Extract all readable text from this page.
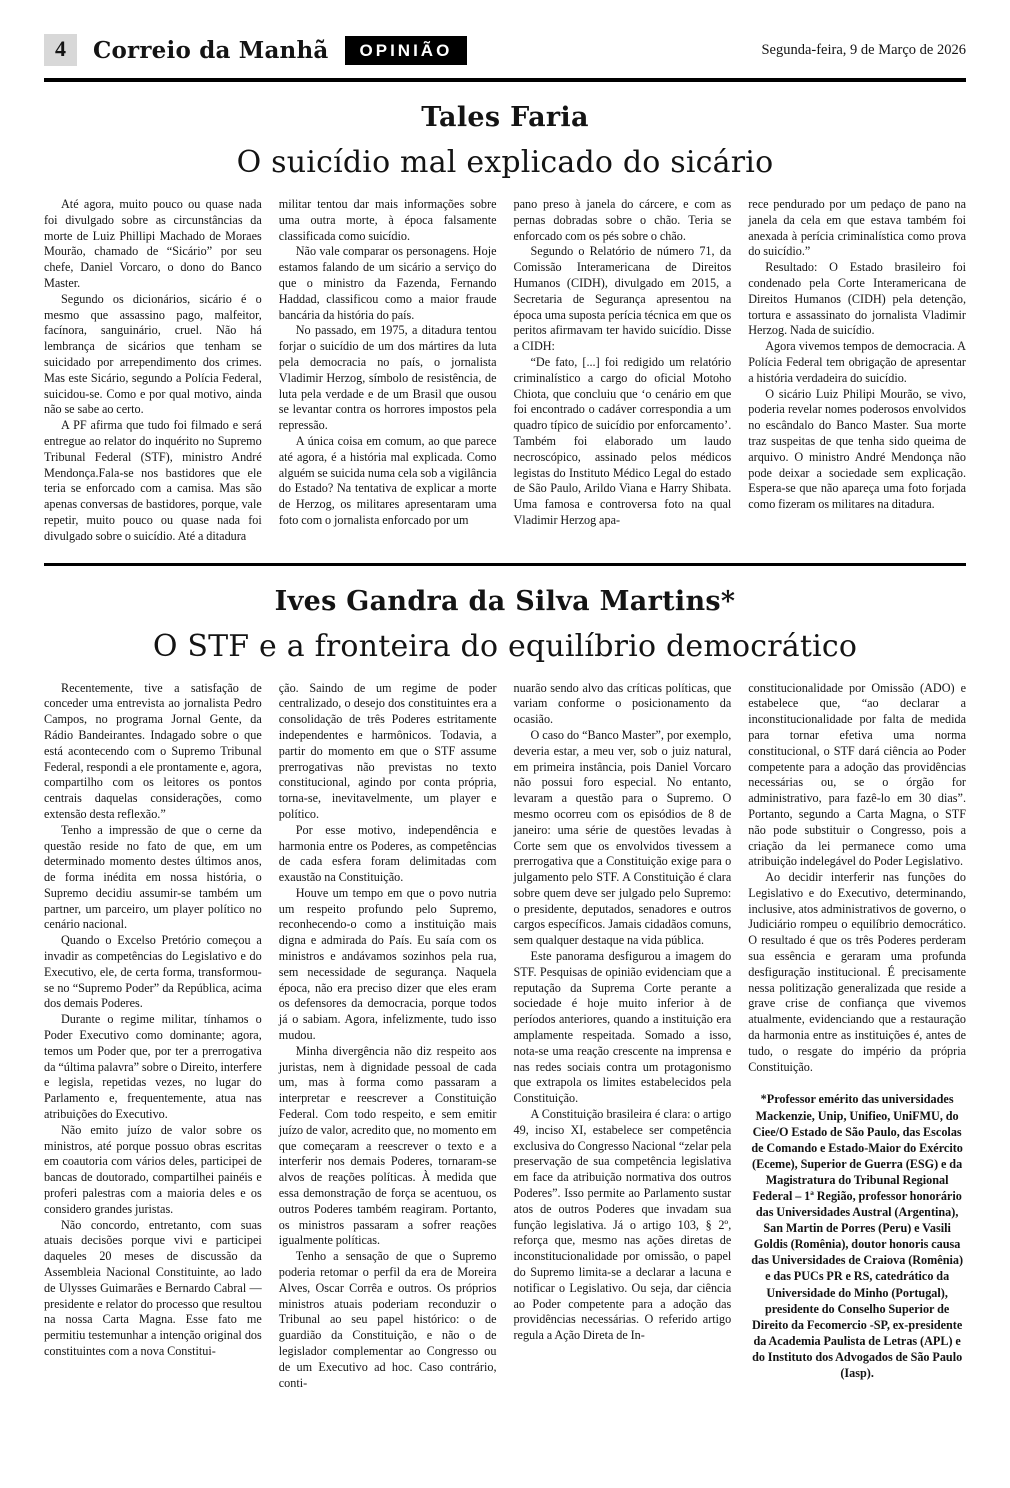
4	Correio da Manhã	OPINIÃO	Segunda-feira, 9 de Março de 2026
Tales Faria
O suicídio mal explicado do sicário

Até agora, muito pouco ou quase nada foi divulgado sobre as circunstâncias da morte de Luiz Phillipi Machado de Moraes Mourão, chamado de “Sicário” por seu chefe, Daniel Vorcaro, o dono do Banco Master.

Segundo os dicionários, sicário é o mesmo que assassino pago, malfeitor, facínora, sanguinário, cruel. Não há lembrança de sicários que tenham se suicidado por arrependimento dos crimes. Mas este Sicário, segundo a Polícia Federal, suicidou-se. Como e por qual motivo, ainda não se sabe ao certo.

A PF afirma que tudo foi filmado e será entregue ao relator do inquérito no Supremo Tribunal Federal (STF), ministro André Mendonça.Fala-se nos bastidores que ele teria se enforcado com a camisa. Mas são apenas conversas de bastidores, porque, vale repetir, muito pouco ou quase nada foi divulgado sobre o suicídio. Até a ditadura

militar tentou dar mais informações sobre uma outra morte, à época falsamente classificada como suicídio.

Não vale comparar os personagens. Hoje estamos falando de um sicário a serviço do que o ministro da Fazenda, Fernando Haddad, classificou como a maior fraude bancária da história do país.

No passado, em 1975, a ditadura tentou forjar o suicídio de um dos mártires da luta pela democracia no país, o jornalista Vladimir Herzog, símbolo de resistência, de luta pela verdade e de um Brasil que ousou se levantar contra os horrores impostos pela repressão.

A única coisa em comum, ao que parece até agora, é a história mal explicada. Como alguém se suicida numa cela sob a vigilância do Estado? Na tentativa de explicar a morte de Herzog, os militares apresentaram uma foto com o jornalista enforcado por um

pano preso à janela do cárcere, e com as pernas dobradas sobre o chão. Teria se enforcado com os pés sobre o chão.

Segundo o Relatório de número 71, da Comissão Interamericana de Direitos Humanos (CIDH), divulgado em 2015, a Secretaria de Segurança apresentou na época uma suposta perícia técnica em que os peritos afirmavam ter havido suicídio. Disse a CIDH:

“De fato, [...] foi redigido um relatório criminalístico a cargo do oficial Motoho Chiota, que concluiu que ‘o cenário em que foi encontrado o cadáver correspondia a um quadro típico de suicídio por enforcamento’. Também foi elaborado um laudo necroscópico, assinado pelos médicos legistas do Instituto Médico Legal do estado de São Paulo, Arildo Viana e Harry Shibata. Uma famosa e controversa foto na qual Vladimir Herzog apa-

rece pendurado por um pedaço de pano na janela da cela em que estava também foi anexada à perícia criminalística como prova do suicídio.”

Resultado: O Estado brasileiro foi condenado pela Corte Interamericana de Direitos Humanos (CIDH) pela detenção, tortura e assassinato do jornalista Vladimir Herzog. Nada de suicídio.

Agora vivemos tempos de democracia. A Polícia Federal tem obrigação de apresentar a história verdadeira do suicídio.

O sicário Luiz Philipi Mourão, se vivo, poderia revelar nomes poderosos envolvidos no escândalo do Banco Master. Sua morte traz suspeitas de que tenha sido queima de arquivo. O ministro André Mendonça não pode deixar a sociedade sem explicação. Espera-se que não apareça uma foto forjada como fizeram os militares na ditadura.

Ives Gandra da Silva Martins*
O STF e a fronteira do equilíbrio democrático

Recentemente, tive a satisfação de conceder uma entrevista ao jornalista Pedro Campos, no programa Jornal Gente, da Rádio Bandeirantes. Indagado sobre o que está acontecendo com o Supremo Tribunal Federal, respondi a ele prontamente e, agora, compartilho com os leitores os pontos centrais daquelas considerações, como extensão desta reflexão.”

Tenho a impressão de que o cerne da questão reside no fato de que, em um determinado momento destes últimos anos, de forma inédita em nossa história, o Supremo decidiu assumir-se também um partner, um parceiro, um player político no cenário nacional.

Quando o Excelso Pretório começou a invadir as competências do Legislativo e do Executivo, ele, de certa forma, transformou-se no “Supremo Poder” da República, acima dos demais Poderes.

Durante o regime militar, tínhamos o Poder Executivo como dominante; agora, temos um Poder que, por ter a prerrogativa da “última palavra” sobre o Direito, interfere e legisla, repetidas vezes, no lugar do Parlamento e, frequentemente, atua nas atribuições do Executivo.

Não emito juízo de valor sobre os ministros, até porque possuo obras escritas em coautoria com vários deles, participei de bancas de doutorado, compartilhei painéis e proferi palestras com a maioria deles e os considero grandes juristas.

Não concordo, entretanto, com suas atuais decisões porque vivi e participei daqueles 20 meses de discussão da Assembleia Nacional Constituinte, ao lado de Ulysses Guimarães e Bernardo Cabral — presidente e relator do processo que resultou na nossa Carta Magna. Esse fato me permitiu testemunhar a intenção original dos constituintes com a nova Constitui-

ção. Saindo de um regime de poder centralizado, o desejo dos constituintes era a consolidação de três Poderes estritamente independentes e harmônicos. Todavia, a partir do momento em que o STF assume prerrogativas não previstas no texto constitucional, agindo por conta própria, torna-se, inevitavelmente, um player e político.

Por esse motivo, independência e harmonia entre os Poderes, as competências de cada esfera foram delimitadas com exaustão na Constituição.

Houve um tempo em que o povo nutria um respeito profundo pelo Supremo, reconhecendo-o como a instituição mais digna e admirada do País. Eu saía com os ministros e andávamos sozinhos pela rua, sem necessidade de segurança. Naquela época, não era preciso dizer que eles eram os defensores da democracia, porque todos já o sabiam. Agora, infelizmente, tudo isso mudou.

Minha divergência não diz respeito aos juristas, nem à dignidade pessoal de cada um, mas à forma como passaram a interpretar e reescrever a Constituição Federal. Com todo respeito, e sem emitir juízo de valor, acredito que, no momento em que começaram a reescrever o texto e a interferir nos demais Poderes, tornaram-se alvos de reações políticas. À medida que essa demonstração de força se acentuou, os outros Poderes também reagiram. Portanto, os ministros passaram a sofrer reações igualmente políticas.

Tenho a sensação de que o Supremo poderia retomar o perfil da era de Moreira Alves, Oscar Corrêa e outros. Os próprios ministros atuais poderiam reconduzir o Tribunal ao seu papel histórico: o de guardião da Constituição, e não o de legislador complementar ao Congresso ou de um Executivo ad hoc. Caso contrário, conti-

nuarão sendo alvo das críticas políticas, que variam conforme o posicionamento da ocasião.

O caso do “Banco Master”, por exemplo, deveria estar, a meu ver, sob o juiz natural, em primeira instância, pois Daniel Vorcaro não possui foro especial. No entanto, levaram a questão para o Supremo. O mesmo ocorreu com os episódios de 8 de janeiro: uma série de questões levadas à Corte sem que os envolvidos tivessem a prerrogativa que a Constituição exige para o julgamento pelo STF. A Constituição é clara sobre quem deve ser julgado pelo Supremo: o presidente, deputados, senadores e outros cargos específicos. Jamais cidadãos comuns, sem qualquer destaque na vida pública.

Este panorama desfigurou a imagem do STF. Pesquisas de opinião evidenciam que a reputação da Suprema Corte perante a sociedade é hoje muito inferior à de períodos anteriores, quando a instituição era amplamente respeitada. Somado a isso, nota-se uma reação crescente na imprensa e nas redes sociais contra um protagonismo que extrapola os limites estabelecidos pela Constituição.

A Constituição brasileira é clara: o artigo 49, inciso XI, estabelece ser competência exclusiva do Congresso Nacional “zelar pela preservação de sua competência legislativa em face da atribuição normativa dos outros Poderes”. Isso permite ao Parlamento sustar atos de outros Poderes que invadam sua função legislativa. Já o artigo 103, § 2º, reforça que, mesmo nas ações diretas de inconstitucionalidade por omissão, o papel do Supremo limita-se a declarar a lacuna e notificar o Legislativo. Ou seja, dar ciência ao Poder competente para a adoção das providências necessárias. O referido artigo regula a Ação Direta de In-

constitucionalidade por Omissão (ADO) e estabelece que, “ao declarar a inconstitucionalidade por falta de medida para tornar efetiva uma norma constitucional, o STF dará ciência ao Poder competente para a adoção das providências necessárias ou, se o órgão for administrativo, para fazê-lo em 30 dias”. Portanto, segundo a Carta Magna, o STF não pode substituir o Congresso, pois a criação da lei permanece como uma atribuição indelegável do Poder Legislativo.

Ao decidir interferir nas funções do Legislativo e do Executivo, determinando, inclusive, atos administrativos de governo, o Judiciário rompeu o equilíbrio democrático. O resultado é que os três Poderes perderam sua essência e geraram uma profunda desfiguração institucional. É precisamente nessa politização generalizada que reside a grave crise de confiança que vivemos atualmente, evidenciando que a restauração da harmonia entre as instituições é, antes de tudo, o resgate do império da própria Constituição.

*Professor emérito das universidades Mackenzie, Unip, Unifieo, UniFMU, do Ciee/O Estado de São Paulo, das Escolas de Comando e Estado-Maior do Exército (Eceme), Superior de Guerra (ESG) e da Magistratura do Tribunal Regional Federal – 1ª Região, professor honorário das Universidades Austral (Argentina), San Martin de Porres (Peru) e Vasili Goldis (Romênia), doutor honoris causa das Universidades de Craiova (Romênia) e das PUCs PR e RS, catedrático da Universidade do Minho (Portugal), presidente do Conselho Superior de Direito da Fecomercio -SP, ex-presidente da Academia Paulista de Letras (APL) e do Instituto dos Advogados de São Paulo (Iasp).
